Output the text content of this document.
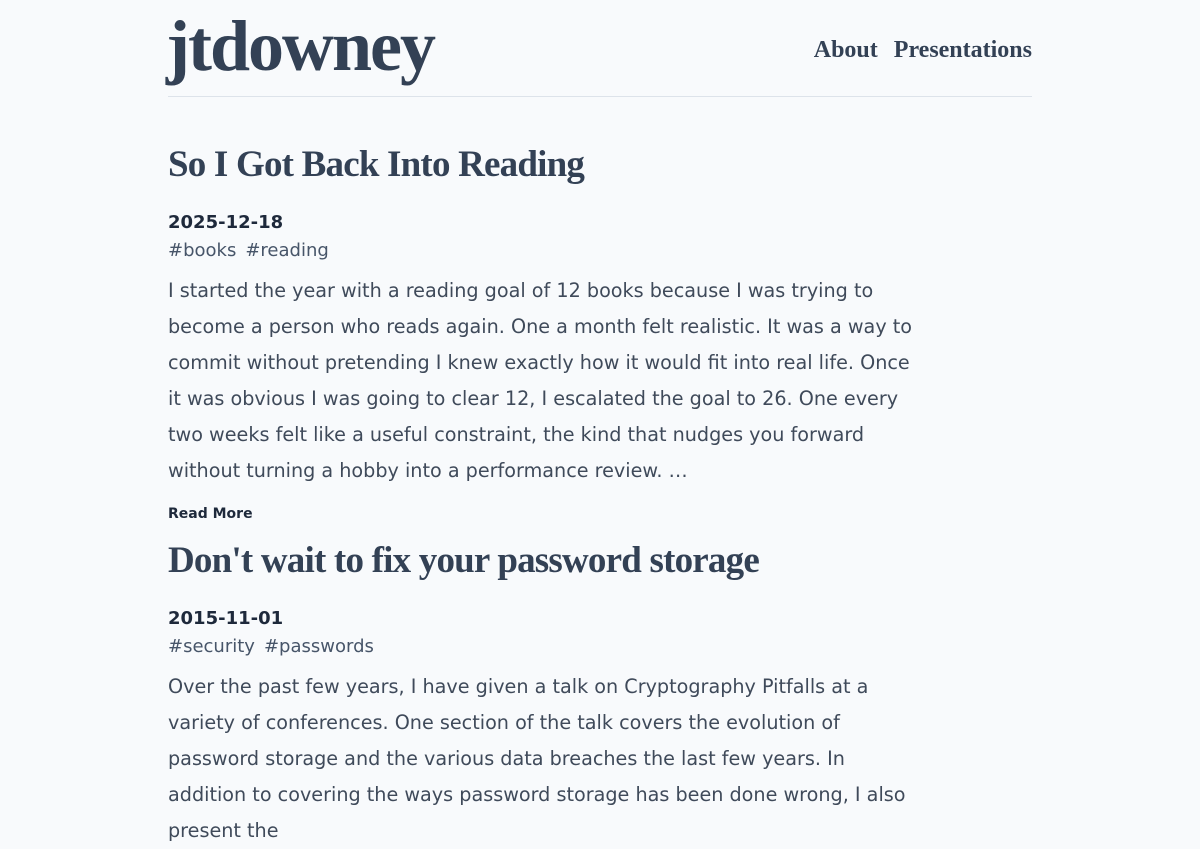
jtdowney	About Presentations
So I Got Back Into Reading
2025-12-18
#books #reading

I started the year with a reading goal of 12 books because I was trying to become a person who reads again. One a month felt realistic. It was a way to commit without pretending I knew exactly how it would fit into real life. Once it was obvious I was going to clear 12, I escalated the goal to 26. One every two weeks felt like a useful constraint, the kind that nudges you forward without turning a hobby into a performance review. …

Read More
Don't wait to fix your password storage
2015-11-01
#security #passwords

Over the past few years, I have given a talk on Cryptography Pitfalls at a variety of conferences. One section of the talk covers the evolution of password storage and the various data breaches the last few years. In addition to covering the ways password storage has been done wrong, I also present the
